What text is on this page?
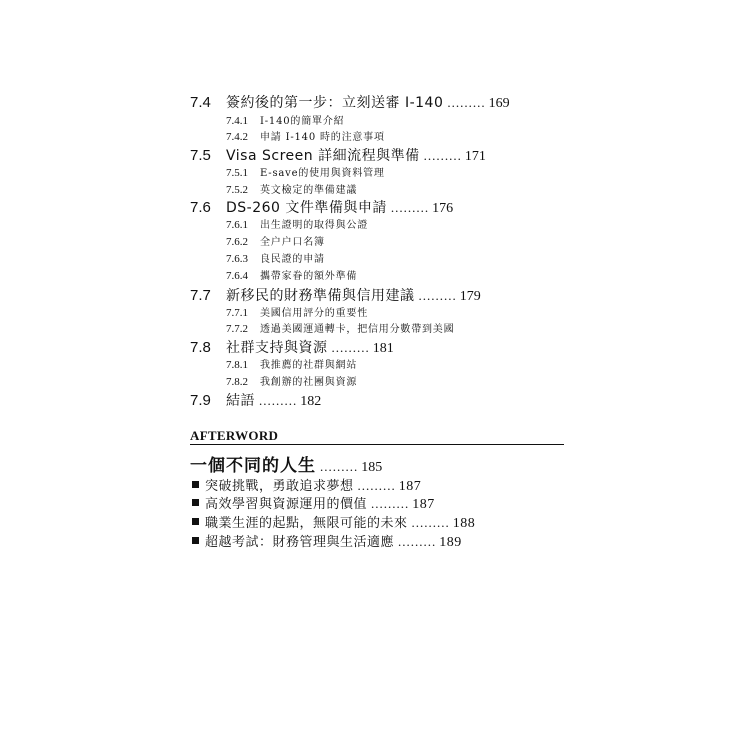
7.4 簽約後的第一步：立刻送審 I-140 ......... 169
7.4.1 I-140的簡單介紹
7.4.2 申請 I-140 時的注意事項
7.5 Visa Screen 詳細流程與準備 ......... 171
7.5.1 E-save的使用與資料管理
7.5.2 英文檢定的準備建議
7.6 DS-260 文件準備與申請 ......... 176
7.6.1 出生證明的取得與公證
7.6.2 全户户口名簿
7.6.3 良民證的申請
7.6.4 攜帶家眷的額外準備
7.7 新移民的財務準備與信用建議 ......... 179
7.7.1 美國信用評分的重要性
7.7.2 透過美國運通轉卡，把信用分數帶到美國
7.8 社群支持與資源 ......... 181
7.8.1 我推薦的社群與網站
7.8.2 我創辦的社團與資源
7.9 結語 ......... 182
AFTERWORD
一個不同的人生 ......... 185
突破挑戰，勇敢追求夢想 ......... 187
高效學習與資源運用的價值 ......... 187
職業生涯的起點，無限可能的未來 ......... 188
超越考試：財務管理與生活適應 ......... 189
